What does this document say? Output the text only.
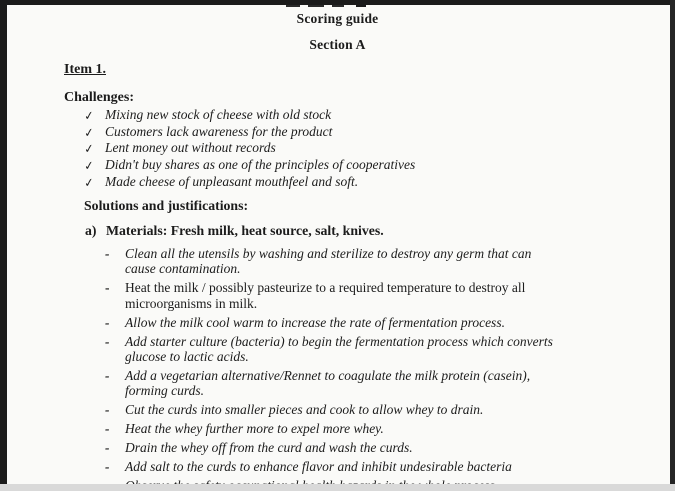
Scoring guide
Section A
Item 1.
Challenges:
✓ Mixing new stock of cheese with old stock
✓ Customers lack awareness for the product
✓ Lent money out without records
✓ Didn't buy shares as one of the principles of cooperatives
✓ Made cheese of unpleasant mouthfeel and soft.
Solutions and justifications:
a) Materials: Fresh milk, heat source, salt, knives.
-	Clean all the utensils by washing and sterilize to destroy any germ that can cause contamination.
-	Heat the milk / possibly pasteurize to a required temperature to destroy all microorganisms in milk.
-	Allow the milk cool warm to increase the rate of fermentation process.
-	Add starter culture (bacteria) to begin the fermentation process which converts glucose to lactic acids.
-	Add a vegetarian alternative/Rennet to coagulate the milk protein (casein), forming curds.
-	Cut the curds into smaller pieces and cook to allow whey to drain.
-	Heat the whey further more to expel more whey.
-	Drain the whey off from the curd and wash the curds.
-	Add salt to the curds to enhance flavor and inhibit undesirable bacteria
